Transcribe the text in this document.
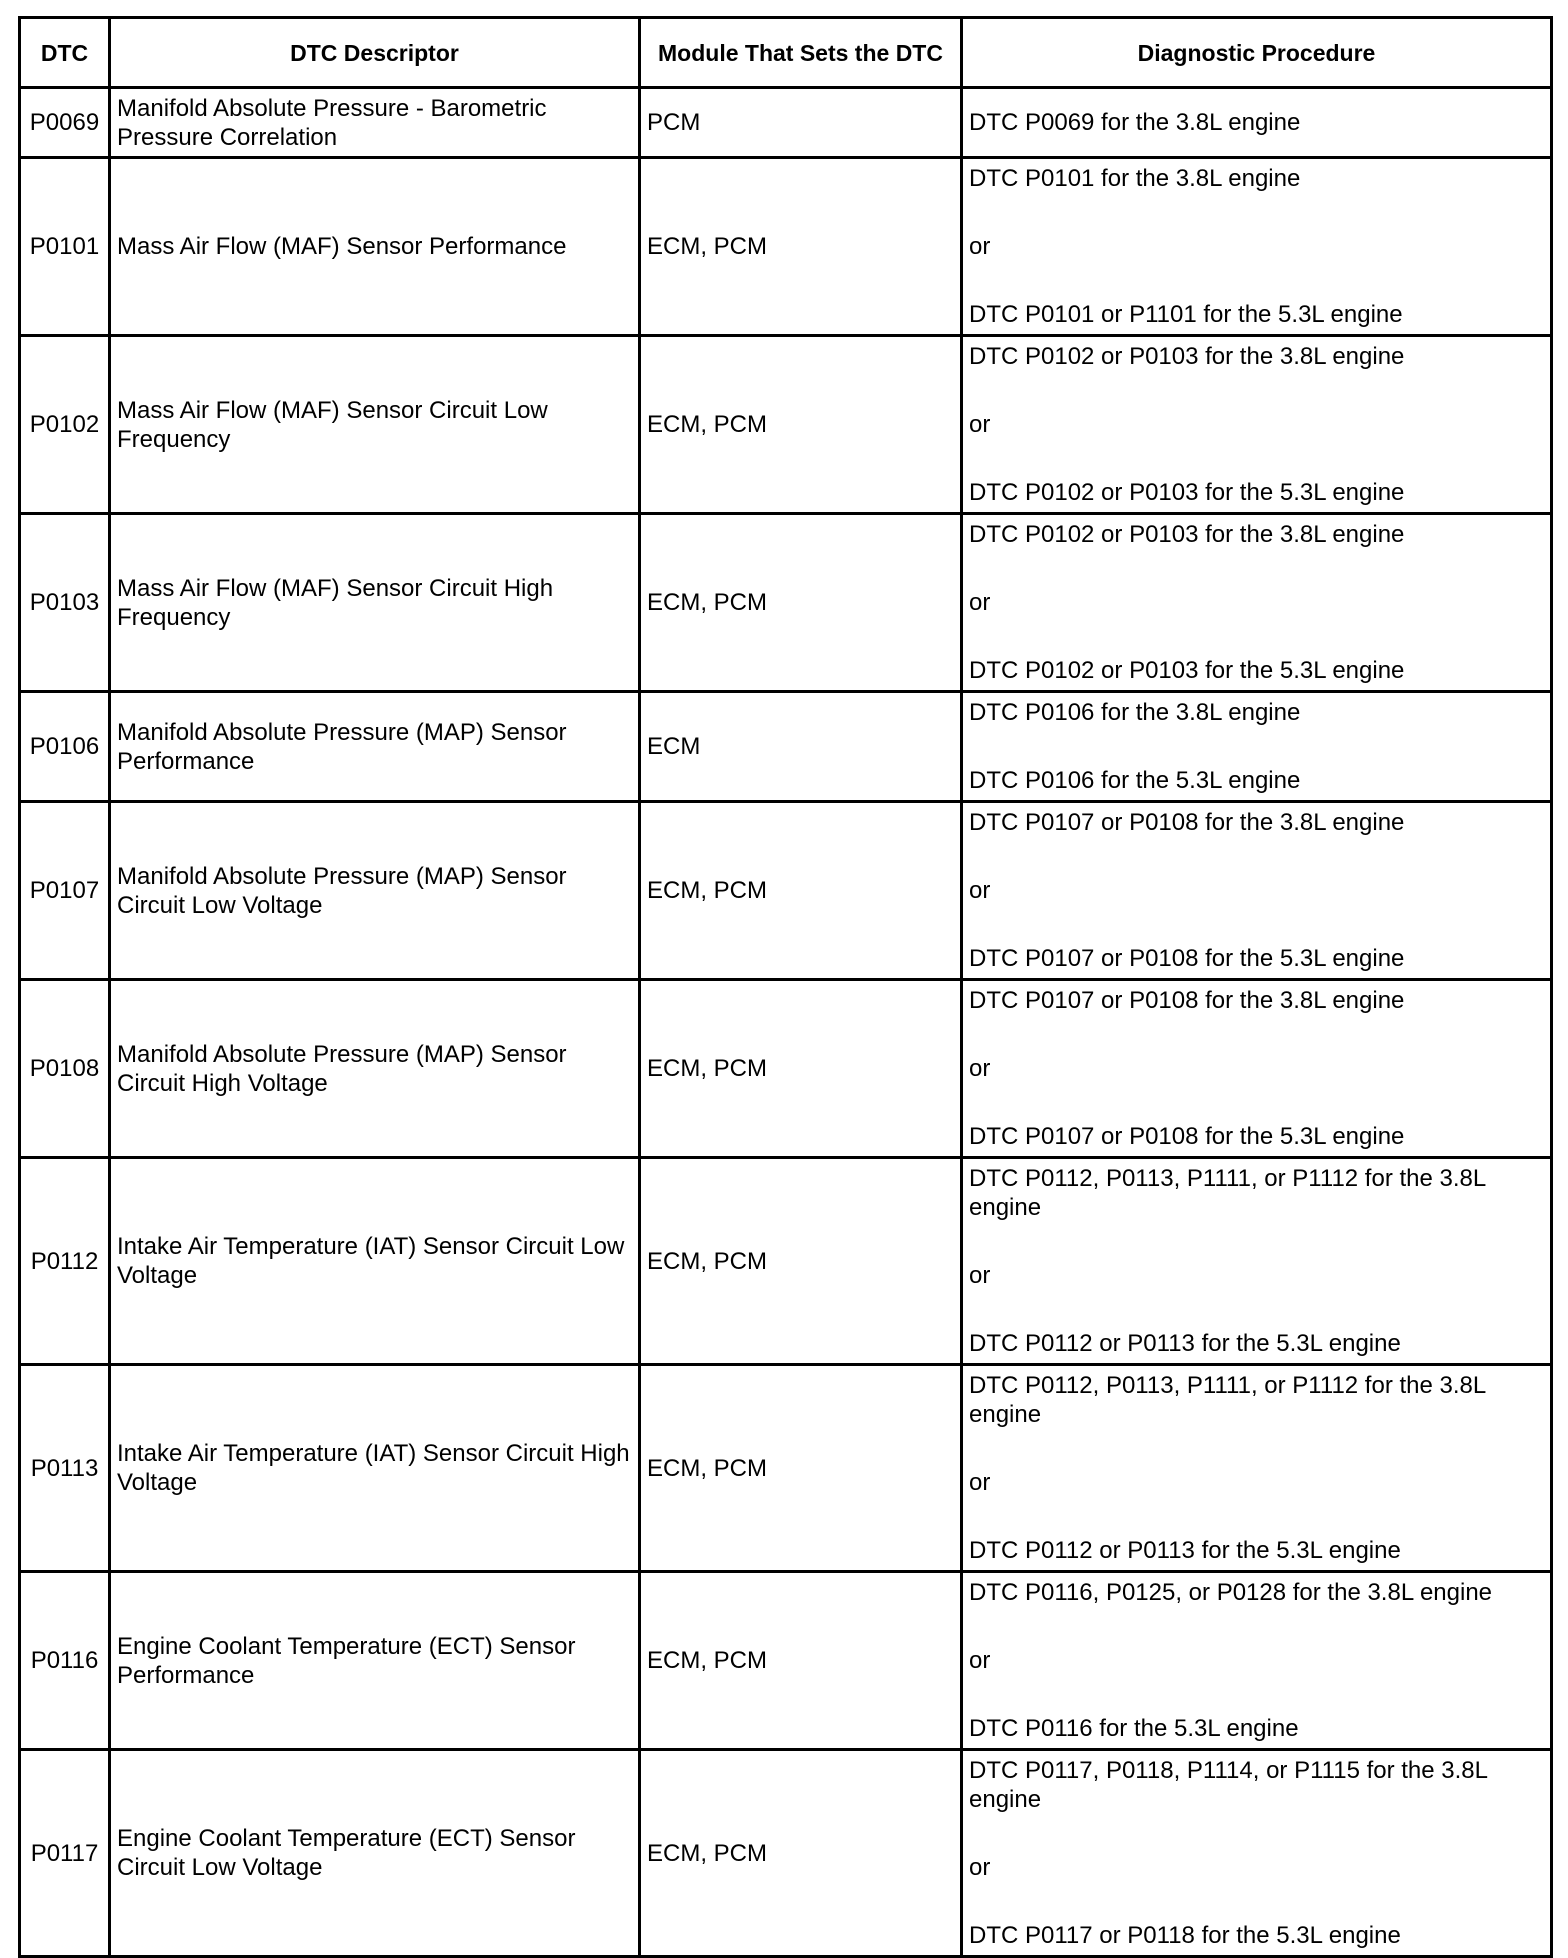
DTC	DTC Descriptor	Module That Sets the DTC	Diagnostic Procedure
P0069	Manifold Absolute Pressure - Barometric Pressure Correlation	PCM	DTC P0069 for the 3.8L engine

P0101	Mass Air Flow (MAF) Sensor Performance	ECM, PCM	DTC P0101 for the 3.8L engine
or
DTC P0101 or P1101 for the 5.3L engine

P0102	Mass Air Flow (MAF) Sensor Circuit Low Frequency	ECM, PCM	DTC P0102 or P0103 for the 3.8L engine
or
DTC P0102 or P0103 for the 5.3L engine

P0103	Mass Air Flow (MAF) Sensor Circuit High Frequency	ECM, PCM	DTC P0102 or P0103 for the 3.8L engine
or
DTC P0102 or P0103 for the 5.3L engine

P0106	Manifold Absolute Pressure (MAP) Sensor Performance	ECM	DTC P0106 for the 3.8L engine
DTC P0106 for the 5.3L engine

P0107	Manifold Absolute Pressure (MAP) Sensor Circuit Low Voltage	ECM, PCM	DTC P0107 or P0108 for the 3.8L engine
or
DTC P0107 or P0108 for the 5.3L engine

P0108	Manifold Absolute Pressure (MAP) Sensor Circuit High Voltage	ECM, PCM	DTC P0107 or P0108 for the 3.8L engine
or
DTC P0107 or P0108 for the 5.3L engine

P0112	Intake Air Temperature (IAT) Sensor Circuit Low Voltage	ECM, PCM	DTC P0112, P0113, P1111, or P1112 for the 3.8L engine
or
DTC P0112 or P0113 for the 5.3L engine

P0113	Intake Air Temperature (IAT) Sensor Circuit High Voltage	ECM, PCM	DTC P0112, P0113, P1111, or P1112 for the 3.8L engine
or
DTC P0112 or P0113 for the 5.3L engine

P0116	Engine Coolant Temperature (ECT) Sensor Performance	ECM, PCM	DTC P0116, P0125, or P0128 for the 3.8L engine
or
DTC P0116 for the 5.3L engine

P0117	Engine Coolant Temperature (ECT) Sensor Circuit Low Voltage	ECM, PCM	DTC P0117, P0118, P1114, or P1115 for the 3.8L engine
or
DTC P0117 or P0118 for the 5.3L engine
